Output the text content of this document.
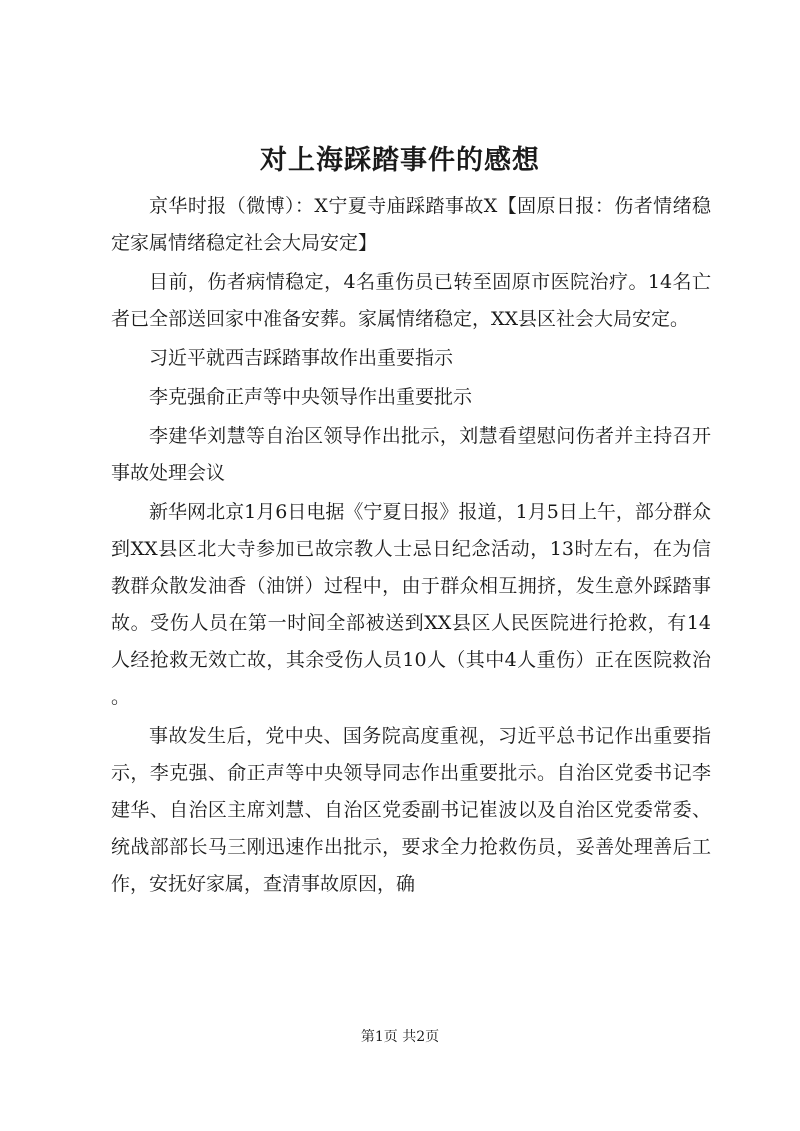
对上海踩踏事件的感想

京华时报（微博）：X宁夏寺庙踩踏事故X【固原日报：伤者情绪稳定家属情绪稳定社会大局安定】

目前，伤者病情稳定，4名重伤员已转至固原市医院治疗。14名亡者已全部送回家中准备安葬。家属情绪稳定，XX县区社会大局安定。

习近平就西吉踩踏事故作出重要指示

李克强俞正声等中央领导作出重要批示

李建华刘慧等自治区领导作出批示，刘慧看望慰问伤者并主持召开事故处理会议

新华网北京1月6日电据《宁夏日报》报道，1月5日上午，部分群众到XX县区北大寺参加已故宗教人士忌日纪念活动，13时左右，在为信教群众散发油香（油饼）过程中，由于群众相互拥挤，发生意外踩踏事故。受伤人员在第一时间全部被送到XX县区人民医院进行抢救，有14人经抢救无效亡故，其余受伤人员10人（其中4人重伤）正在医院救治。

事故发生后，党中央、国务院高度重视，习近平总书记作出重要指示，李克强、俞正声等中央领导同志作出重要批示。自治区党委书记李建华、自治区主席刘慧、自治区党委副书记崔波以及自治区党委常委、统战部部长马三刚迅速作出批示，要求全力抢救伤员，妥善处理善后工作，安抚好家属，查清事故原因，确

第1页 共2页
